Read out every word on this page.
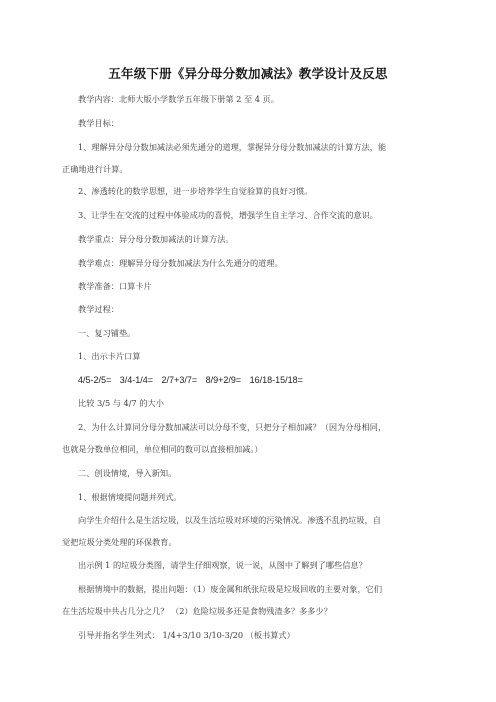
五年级下册《异分母分数加减法》教学设计及反思
教学内容：北师大版小学数学五年级下册第 2 至 4 页。
教学目标：
1、理解异分母分数加减法必须先通分的道理，掌握异分母分数加减法的计算方法，能
正确地进行计算。
2、渗透转化的数学思想，进一步培养学生自觉验算的良好习惯。
3、让学生在交流的过程中体验成功的喜悦，增强学生自主学习、合作交流的意识。
教学重点：异分母分数加减法的计算方法。
教学难点：理解异分母分数加减法为什么先通分的道理。
教学准备：口算卡片
教学过程：
一、复习铺垫。
1、出示卡片口算
4/5-2/5= 3/4-1/4= 2/7+3/7= 8/9+2/9= 16/18-15/18=
比较 3/5 与 4/7 的大小
2、为什么计算同分母分数加减法可以分母不变，只把分子相加减？（因为分母相同，
也就是分数单位相同，单位相同的数可以直接相加减。）
二、创设情境，导入新知。
1、根据情境提问题并列式。
向学生介绍什么是生活垃圾，以及生活垃圾对环境的污染情况。渗透不乱扔垃圾，自
觉把垃圾分类处理的环保教育。
出示例 1 的垃圾分类图，请学生仔细观察，说一说，从图中了解到了哪些信息？
根据情境中的数据，提出问题：（1）废金属和纸张垃圾是垃圾回收的主要对象，它们
在生活垃圾中共占几分之几？ （2）危险垃圾多还是食物残渣多？多多少？
引导并指名学生列式： 1/4+3/10 3/10-3/20 （板书算式）
